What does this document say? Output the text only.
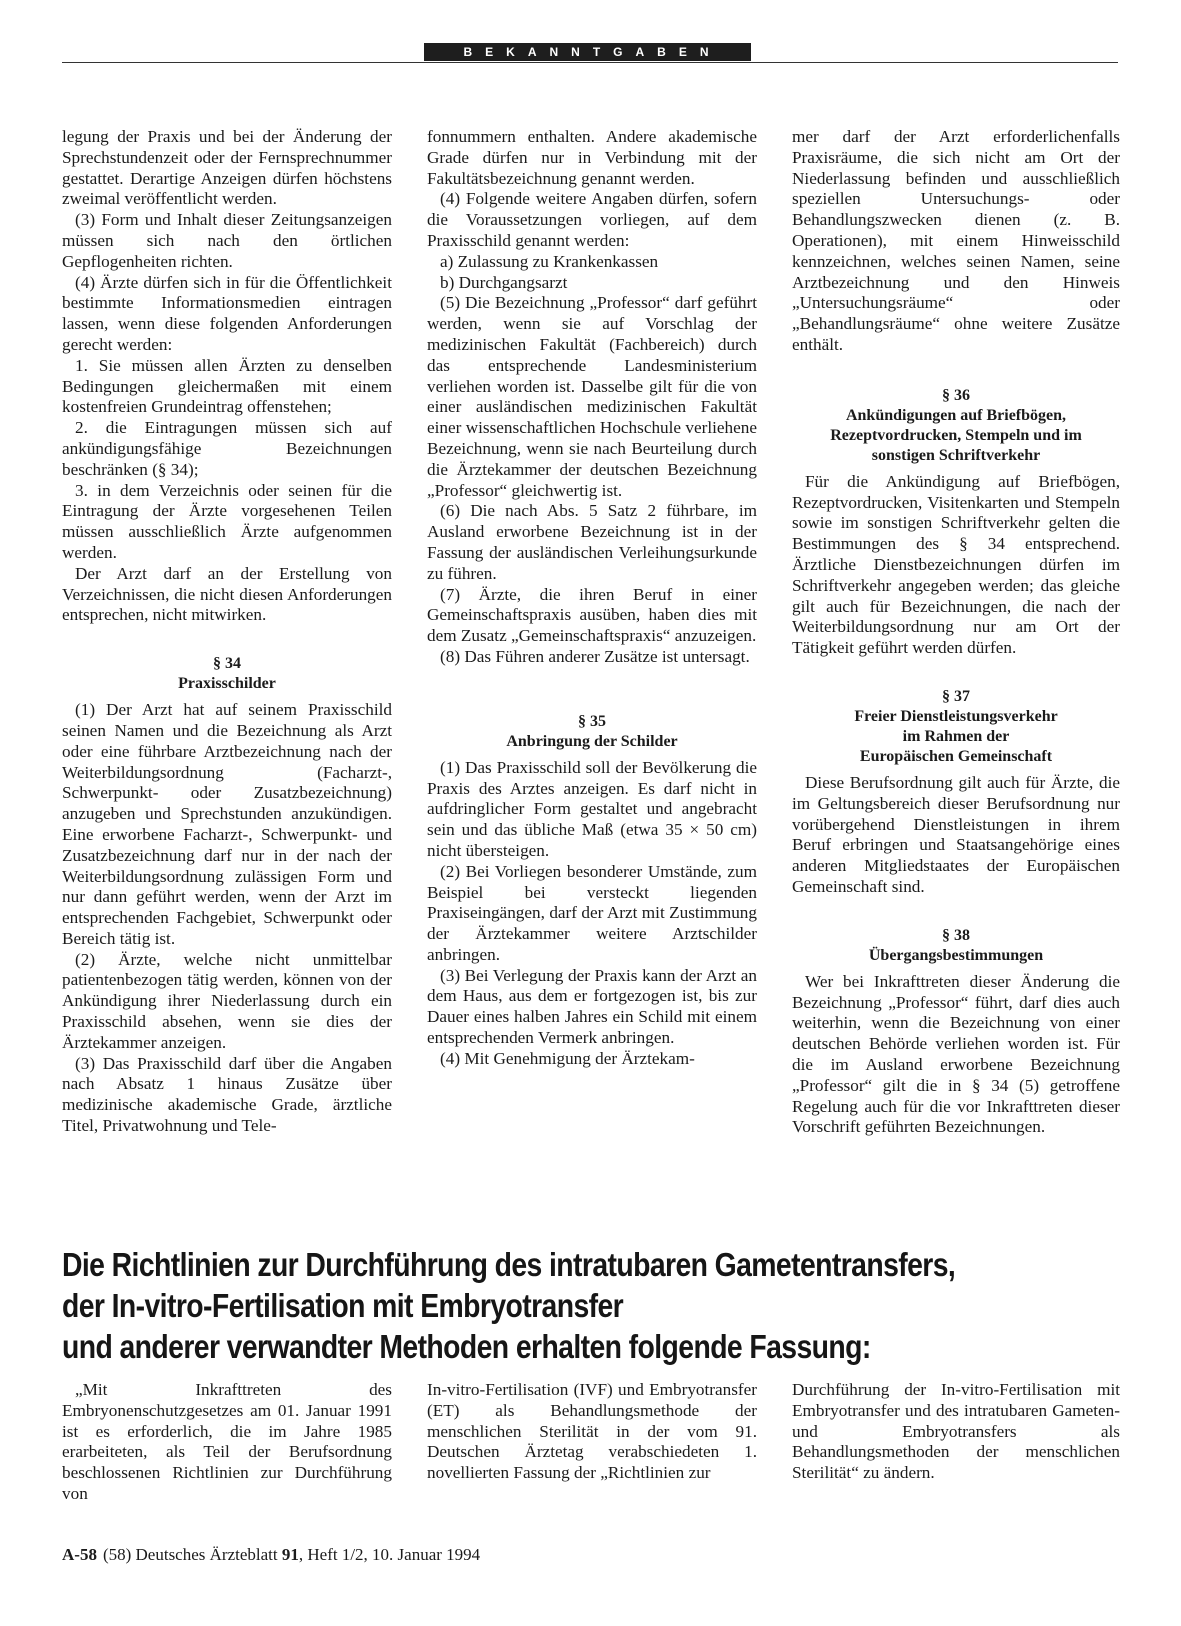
BEKANNTGABEN

legung der Praxis und bei der Änderung der Sprechstundenzeit oder der Fernsprechnummer gestattet. Derartige Anzeigen dürfen höchstens zweimal veröffentlicht werden.

(3) Form und Inhalt dieser Zeitungsanzeigen müssen sich nach den örtlichen Gepflogenheiten richten.

(4) Ärzte dürfen sich in für die Öffentlichkeit bestimmte Informationsmedien eintragen lassen, wenn diese folgenden Anforderungen gerecht werden:

1. Sie müssen allen Ärzten zu denselben Bedingungen gleichermaßen mit einem kostenfreien Grundeintrag offenstehen;

2. die Eintragungen müssen sich auf ankündigungsfähige Bezeichnungen beschränken (§ 34);

3. in dem Verzeichnis oder seinen für die Eintragung der Ärzte vorgesehenen Teilen müssen ausschließlich Ärzte aufgenommen werden.

Der Arzt darf an der Erstellung von Verzeichnissen, die nicht diesen Anforderungen entsprechen, nicht mitwirken.

§ 34
Praxisschilder

(1) Der Arzt hat auf seinem Praxisschild seinen Namen und die Bezeichnung als Arzt oder eine führbare Arztbezeichnung nach der Weiterbildungsordnung (Facharzt-, Schwerpunkt- oder Zusatzbezeichnung) anzugeben und Sprechstunden anzukündigen. Eine erworbene Facharzt-, Schwerpunkt- und Zusatzbezeichnung darf nur in der nach der Weiterbildungsordnung zulässigen Form und nur dann geführt werden, wenn der Arzt im entsprechenden Fachgebiet, Schwerpunkt oder Bereich tätig ist.

(2) Ärzte, welche nicht unmittelbar patientenbezogen tätig werden, können von der Ankündigung ihrer Niederlassung durch ein Praxisschild absehen, wenn sie dies der Ärztekammer anzeigen.

(3) Das Praxisschild darf über die Angaben nach Absatz 1 hinaus Zusätze über medizinische akademische Grade, ärztliche Titel, Privatwohnung und Tele-

fonnummern enthalten. Andere akademische Grade dürfen nur in Verbindung mit der Fakultätsbezeichnung genannt werden.

(4) Folgende weitere Angaben dürfen, sofern die Voraussetzungen vorliegen, auf dem Praxisschild genannt werden:

a) Zulassung zu Krankenkassen

b) Durchgangsarzt

(5) Die Bezeichnung „Professor“ darf geführt werden, wenn sie auf Vorschlag der medizinischen Fakultät (Fachbereich) durch das entsprechende Landesministerium verliehen worden ist. Dasselbe gilt für die von einer ausländischen medizinischen Fakultät einer wissenschaftlichen Hochschule verliehene Bezeichnung, wenn sie nach Beurteilung durch die Ärztekammer der deutschen Bezeichnung „Professor“ gleichwertig ist.

(6) Die nach Abs. 5 Satz 2 führbare, im Ausland erworbene Bezeichnung ist in der Fassung der ausländischen Verleihungsurkunde zu führen.

(7) Ärzte, die ihren Beruf in einer Gemeinschaftspraxis ausüben, haben dies mit dem Zusatz „Gemeinschaftspraxis“ anzuzeigen.

(8) Das Führen anderer Zusätze ist untersagt.

§ 35
Anbringung der Schilder

(1) Das Praxisschild soll der Bevölkerung die Praxis des Arztes anzeigen. Es darf nicht in aufdringlicher Form gestaltet und angebracht sein und das übliche Maß (etwa 35 × 50 cm) nicht übersteigen.

(2) Bei Vorliegen besonderer Umstände, zum Beispiel bei versteckt liegenden Praxiseingängen, darf der Arzt mit Zustimmung der Ärztekammer weitere Arztschilder anbringen.

(3) Bei Verlegung der Praxis kann der Arzt an dem Haus, aus dem er fortgezogen ist, bis zur Dauer eines halben Jahres ein Schild mit einem entsprechenden Vermerk anbringen.

(4) Mit Genehmigung der Ärztekam-

mer darf der Arzt erforderlichenfalls Praxisräume, die sich nicht am Ort der Niederlassung befinden und ausschließlich speziellen Untersuchungs- oder Behandlungszwecken dienen (z. B. Operationen), mit einem Hinweisschild kennzeichnen, welches seinen Namen, seine Arztbezeichnung und den Hinweis „Untersuchungsräume“ oder „Behandlungsräume“ ohne weitere Zusätze enthält.

§ 36
Ankündigungen auf Briefbögen,
Rezeptvordrucken, Stempeln und im
sonstigen Schriftverkehr

Für die Ankündigung auf Briefbögen, Rezeptvordrucken, Visitenkarten und Stempeln sowie im sonstigen Schriftverkehr gelten die Bestimmungen des § 34 entsprechend. Ärztliche Dienstbezeichnungen dürfen im Schriftverkehr angegeben werden; das gleiche gilt auch für Bezeichnungen, die nach der Weiterbildungsordnung nur am Ort der Tätigkeit geführt werden dürfen.

§ 37
Freier Dienstleistungsverkehr
im Rahmen der
Europäischen Gemeinschaft

Diese Berufsordnung gilt auch für Ärzte, die im Geltungsbereich dieser Berufsordnung nur vorübergehend Dienstleistungen in ihrem Beruf erbringen und Staatsangehörige eines anderen Mitgliedstaates der Europäischen Gemeinschaft sind.

§ 38
Übergangsbestimmungen

Wer bei Inkrafttreten dieser Änderung die Bezeichnung „Professor“ führt, darf dies auch weiterhin, wenn die Bezeichnung von einer deutschen Behörde verliehen worden ist. Für die im Ausland erworbene Bezeichnung „Professor“ gilt die in § 34 (5) getroffene Regelung auch für die vor Inkrafttreten dieser Vorschrift geführten Bezeichnungen.

Die Richtlinien zur Durchführung des intratubaren Gametentransfers,
der In-vitro-Fertilisation mit Embryotransfer
und anderer verwandter Methoden erhalten folgende Fassung:

„Mit Inkrafttreten des Embryonenschutzgesetzes am 01. Januar 1991 ist es erforderlich, die im Jahre 1985 erarbeiteten, als Teil der Berufsordnung beschlossenen Richtlinien zur Durchführung von

In-vitro-Fertilisation (IVF) und Embryotransfer (ET) als Behandlungsmethode der menschlichen Sterilität in der vom 91. Deutschen Ärztetag verabschiedeten 1. novellierten Fassung der „Richtlinien zur

Durchführung der In-vitro-Fertilisation mit Embryotransfer und des intratubaren Gameten- und Embryotransfers als Behandlungsmethoden der menschlichen Sterilität“ zu ändern.

A-58 (58) Deutsches Ärzteblatt 91, Heft 1/2, 10. Januar 1994
